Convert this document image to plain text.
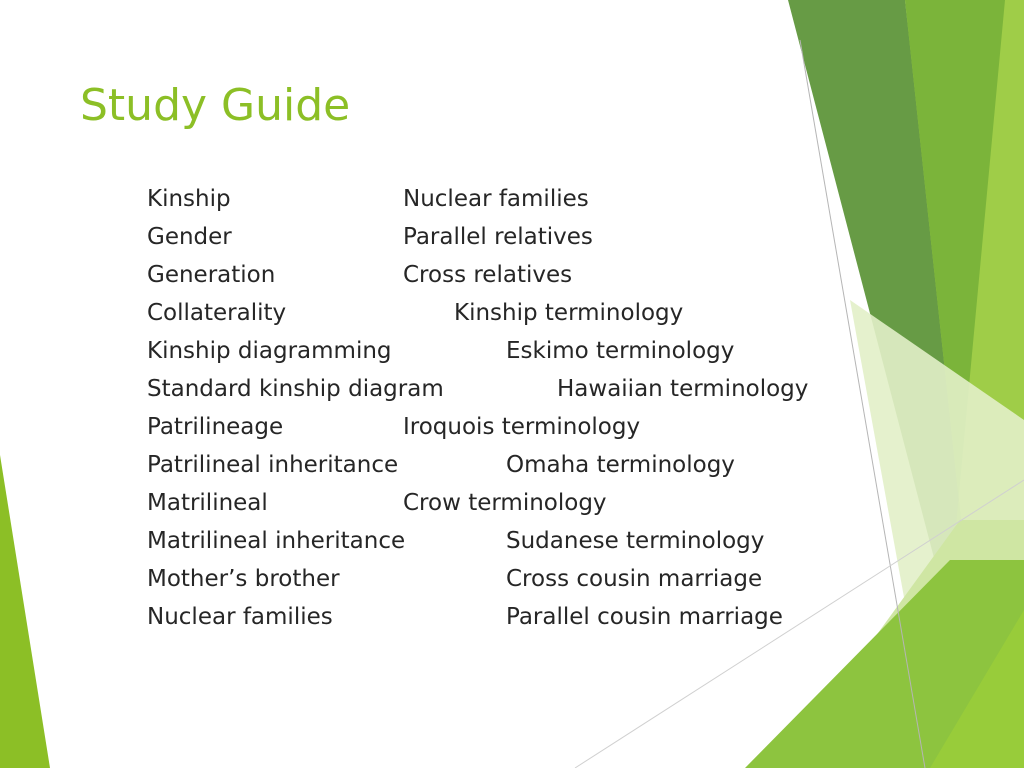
Study Guide
Kinship	Nuclear families
Gender	Parallel relatives
Generation	Cross relatives
Collaterality	Kinship terminology
Kinship diagramming	Eskimo terminology
Standard kinship diagram	Hawaiian terminology
Patrilineage	Iroquois terminology
Patrilineal inheritance	Omaha terminology
Matrilineal	Crow terminology
Matrilineal inheritance	Sudanese terminology
Mother’s brother	Cross cousin marriage
Nuclear families	Parallel cousin marriage
